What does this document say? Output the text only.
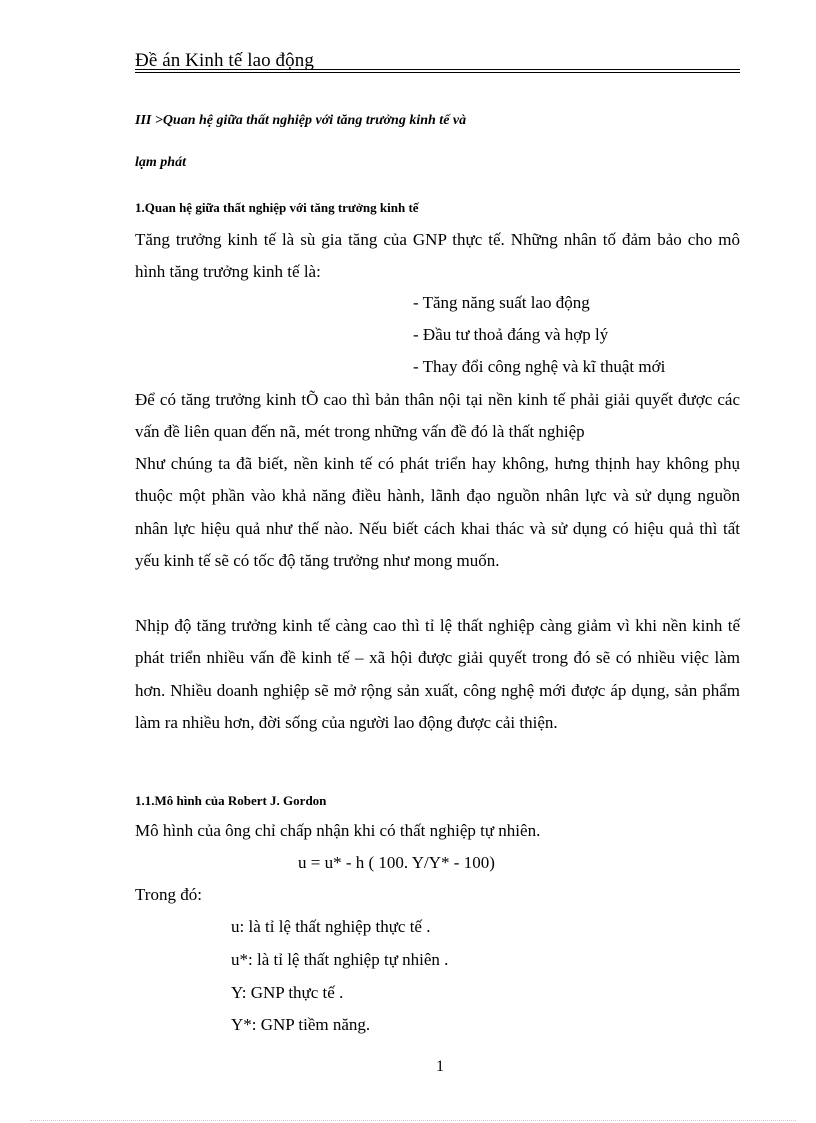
Đề án Kinh tế lao động
III >Quan hệ giữa thất nghiệp với tăng trưởng kinh tế và
lạm phát
1.Quan hệ giữa thất nghiệp với tăng trưởng kinh tế
Tăng trưởng kinh tế là sù gia tăng của GNP thực tế. Những nhân tố đảm bảo cho mô hình tăng trưởng kinh tế là:
- Tăng năng suất lao động
- Đầu tư thoả đáng và hợp lý
- Thay đổi công nghệ và kĩ thuật mới
Để có tăng trưởng kinh tÕ cao thì bản thân nội tại nền kinh tế phải giải quyết được các vấn đề liên quan đến nã, mét trong những vấn đề đó là thất nghiệp
Như chúng ta đã biết, nền kinh tế có phát triển hay không, hưng thịnh hay không phụ thuộc một phần vào khả năng điều hành, lãnh đạo nguồn nhân lực và sử dụng nguồn nhân lực hiệu quả như thế nào. Nếu biết cách khai thác và sử dụng có hiệu quả thì tất yếu kinh tế sẽ có tốc độ tăng trưởng như mong muốn.
Nhịp độ tăng trưởng kinh tế càng cao thì tỉ lệ thất nghiệp càng giảm vì khi nền kinh tế phát triển nhiều vấn đề kinh tế – xã hội được giải quyết trong đó sẽ có nhiều việc làm hơn. Nhiều doanh nghiệp sẽ mở rộng sản xuất, công nghệ mới được áp dụng, sản phẩm làm ra nhiều hơn, đời sống của người lao động được cải thiện.
1.1.Mô hình của Robert J. Gordon
Mô hình của ông chỉ chấp nhận khi có thất nghiệp tự nhiên.
u = u* - h ( 100. Y/Y* - 100)
Trong đó:
u: là tỉ lệ thất nghiệp thực tế .
u*: là tỉ lệ thất nghiệp tự nhiên .
Y: GNP thực tế .
Y*: GNP tiềm năng.
1
